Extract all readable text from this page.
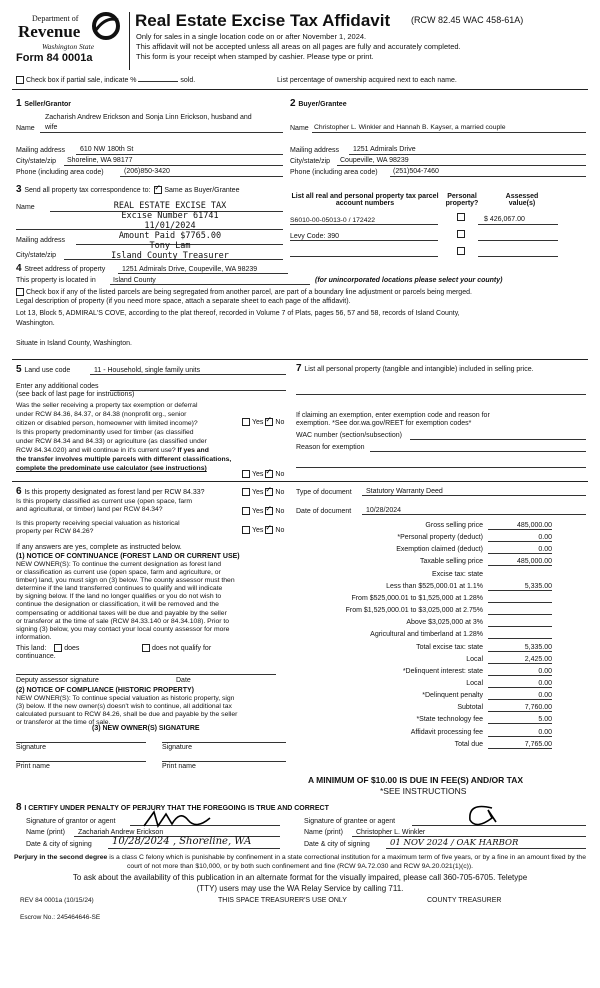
Department of
Revenue
Washington State
Form 84 0001a
Real Estate Excise Tax Affidavit (RCW 82.45 WAC 458-61A)
Only for sales in a single location code on or after November 1, 2024.
This affidavit will not be accepted unless all areas on all pages are fully and accurately completed.
This form is your receipt when stamped by cashier. Please type or print.
Check box if partial sale, indicate %	sold.	List percentage of ownership acquired next to each name.
1 Seller/Grantor
Zacharish Andrew Erickson and Sonja Linn Erickson, husband and
Name wife
Mailing address 610 NW 180th St
City/state/zip Shoreline, WA 98177
Phone (including area code)	(206)850-3420
2 Buyer/Grantee
Name Christopher L. Winkler and Hannah B. Kayser, a married couple
Mailing address 1251 Admirals Drive
City/state/zip Coupeville, WA 98239
Phone (including area code) (251)504-7460
3 Send all property tax correspondence to: ✓ Same as Buyer/Grantee
Name
Mailing address
City/state/zip
REAL ESTATE EXCISE TAX
Excise Number 61741
11/01/2024
Amount Paid $7765.00
Tony Lam
Island County Treasurer
List all real and personal property tax parcel account numbers
Personal property?
Assessed value(s)
S6010-00-05013-0 / 172422	$ 426,067.00
Levy Code: 390
4 Street address of property 1251 Admirals Drive, Coupeville, WA 98239
This property is located in Island County	(for unincorporated locations please select your county)
Check box if any of the listed parcels are being segregated from another parcel, are part of a boundary line adjustment or parcels being merged.
Legal description of property (if you need more space, attach a separate sheet to each page of the affidavit).
Lot 13, Block 5, ADMIRAL'S COVE, according to the plat thereof, recorded in Volume 7 of Plats, pages 56, 57 and 58, records of Island County,
Washington.
Situate in Island County, Washington.
5 Land use code	11 - Household, single family units
Enter any additional codes
(see back of last page for instructions)
Was the seller receiving a property tax exemption or deferral
under RCW 84.36, 84.37, or 84.38 (nonprofit org., senior
citizen or disabled person, homeowner with limited income)?	Yes ✓ No
Is this property predominantly used for timber (as classified
under RCW 84.34 and 84.33) or agriculture (as classified under
RCW 84.34.020) and will continue in it's current use? If yes and
the transfer involves multiple parcels with different classifications,
complete the predominate use calculator (see instructions)
Yes ✓ No
7 List all personal property (tangible and intangible) included in selling price.
If claiming an exemption, enter exemption code and reason for
exemption. *See dor.wa.gov/REET for exemption codes*
WAC number (section/subsection)
Reason for exemption
6 Is this property designated as forest land per RCW 84.33?	Yes ✓ No
Is this property classified as current use (open space, farm
and agricultural, or timber) land per RCW 84.34?	Yes ✓ No
Is this property receiving special valuation as historical
property per RCW 84.26?	Yes ✓ No
If any answers are yes, complete as instructed below.
(1) NOTICE OF CONTINUANCE (FOREST LAND OR CURRENT USE)
NEW OWNER(S): To continue the current designation as forest land
or classification as current use (open space, farm and agriculture, or
timber) land, you must sign on (3) below. The county assessor must then
determine if the land transferred continues to qualify and will indicate
by signing below. If the land no longer qualifies or you do not wish to
continue the designation or classification, it will be removed and the
compensating or additional taxes will be due and payable by the seller
or transferor at the time of sale (RCW 84.33.140 or 84.34.108). Prior to
signing (3) below, you may contact your local county assessor for more
information.
This land:	does	does not qualify for
continuance.
Deputy assessor signature	Date
(2) NOTICE OF COMPLIANCE (HISTORIC PROPERTY)
NEW OWNER(S): To continue special valuation as historic property, sign
(3) below. If the new owner(s) doesn't wish to continue, all additional tax
calculated pursuant to RCW 84.26, shall be due and payable by the seller
or transferor at the time of sale.
(3) NEW OWNER(S) SIGNATURE
Signature	Signature
Print name	Print name
Type of document Statutory Warranty Deed
Date of document 10/28/2024
Gross selling price	485,000.00
*Personal property (deduct)	0.00
Exemption claimed (deduct)	0.00
Taxable selling price	485,000.00
Excise tax: state
Less than $525,000.01 at 1.1%	5,335.00
From $525,000.01 to $1,525,000 at 1.28%
From $1,525,000.01 to $3,025,000 at 2.75%
Above $3,025,000 at 3%
Agricultural and timberland at 1.28%
Total excise tax: state	5,335.00
Local	2,425.00
*Delinquent interest: state	0.00
Local	0.00
*Delinquent penalty	0.00
Subtotal	7,760.00
*State technology fee	5.00
Affidavit processing fee	0.00
Total due	7,765.00
A MINIMUM OF $10.00 IS DUE IN FEE(S) AND/OR TAX
*SEE INSTRUCTIONS
8 I CERTIFY UNDER PENALTY OF PERJURY THAT THE FOREGOING IS TRUE AND CORRECT
Signature of grantor or agent
Name (print) Zachariah Andrew Erickson
Date & city of signing 10/28/2024 , Shoreline, WA
Signature of grantee or agent
Name (print) Christopher L. Winkler
Date & city of signing 01 NOV 2024 / OAK HARBOR
Perjury in the second degree is a class C felony which is punishable by confinement in a state correctional institution for a maximum term of five years, or by a fine in an amount fixed by the court of not more than $10,000, or by both such confinement and fine (RCW 9A.72.030 and RCW 9A.20.021(1)(c)).
To ask about the availability of this publication in an alternate format for the visually impaired, please call 360-705-6705. Teletype
(TTY) users may use the WA Relay Service by calling 711.
REV 84 0001a (10/15/24)	THIS SPACE TREASURER'S USE ONLY	COUNTY TREASURER
Escrow No.: 245464646-SE
